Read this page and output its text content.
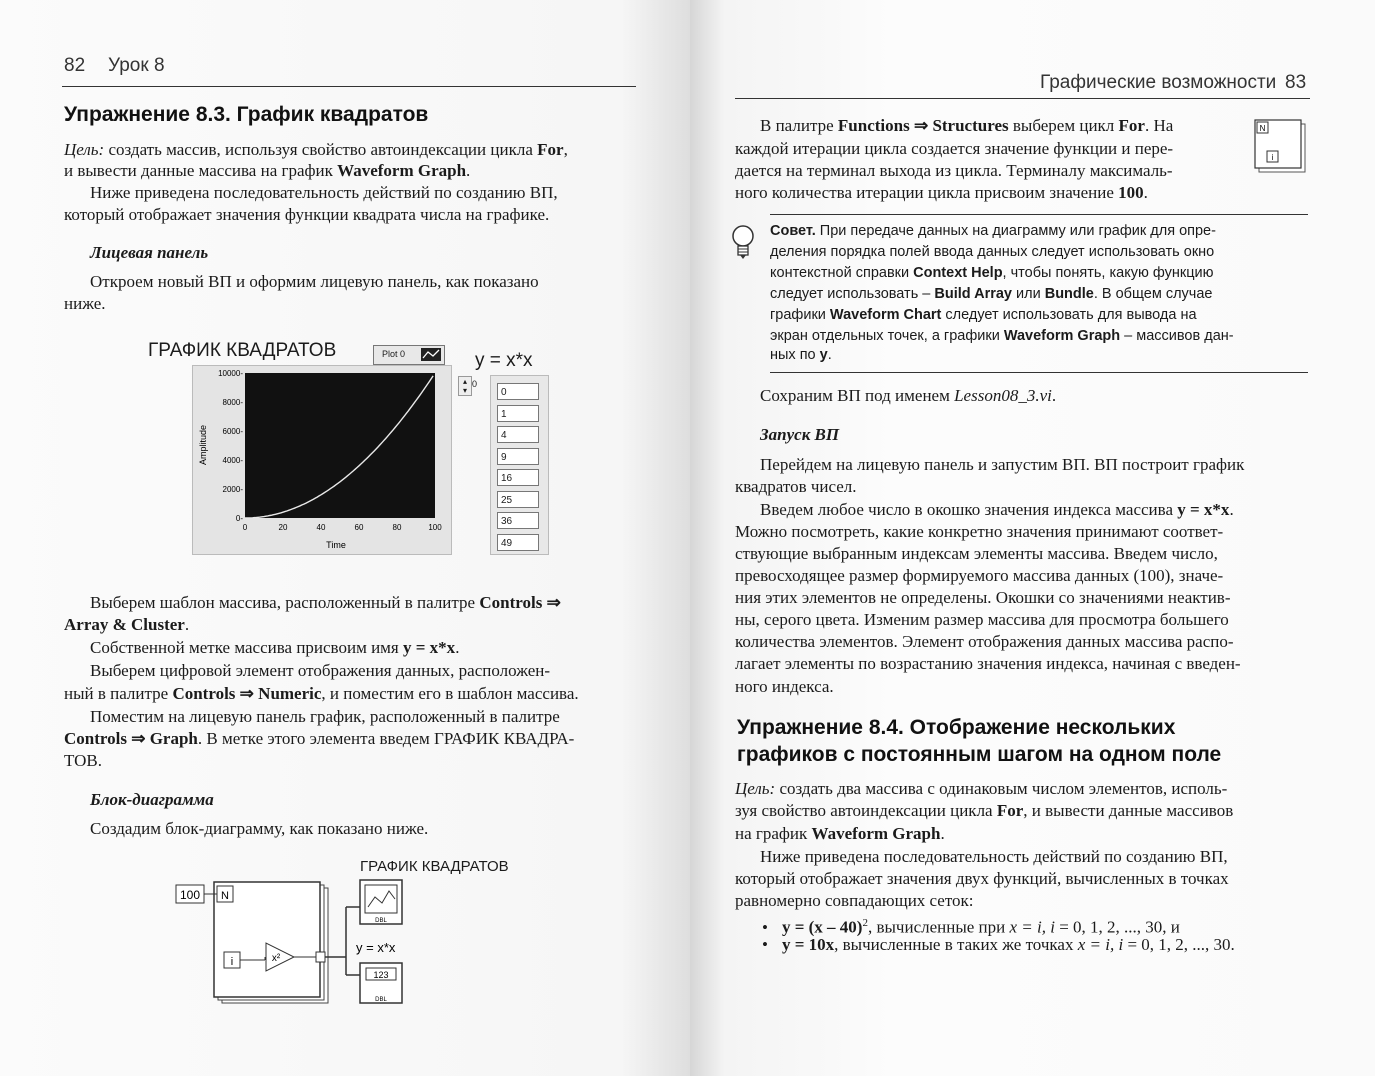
82 Урок 8
Упражнение 8.3. График квадратов
Цель: создать массив, используя свойство автоиндексации цикла For,
и вывести данные массива на график Waveform Graph.
Ниже приведена последовательность действий по созданию ВП,
который отображает значения функции квадрата числа на графике.
Лицевая панель
Откроем новый ВП и оформим лицевую панель, как показано
ниже.
ГРАФИК КВАДРАТОВ	Plot 0
10000-
8000-
6000-
4000-
2000-
0-
0	20	40	60	80	100
Amplitude
Time
y = x*x
▴
▾
0
0
1
4
9
16
25
36
49
Выберем шаблон массива, расположенный в палитре Controls ⇒
Array & Cluster.
Собственной метке массива присвоим имя y = x*x.
Выберем цифровой элемент отображения данных, расположен-
ный в палитре Controls ⇒ Numeric, и поместим его в шаблон массива.
Поместим на лицевую панель график, расположенный в палитре
Controls ⇒ Graph. В метке этого элемента введем ГРАФИК КВАДРА-
ТОВ.
Блок-диаграмма
Создадим блок-диаграмму, как показано ниже.
ГРАФИК КВАДРАТОВ
100 N
i	x²
DBL
y = x*x
123
DBL
Графические возможности 83
В палитре Functions ⇒ Structures выберем цикл For. На
каждой итерации цикла создается значение функции и пере-
дается на терминал выхода из цикла. Терминалу максималь-
ного количества итерации цикла присвоим значение 100.
N
i
Совет. При передаче данных на диаграмму или график для опре-
деления порядка полей ввода данных следует использовать окно
контекстной справки Context Help, чтобы понять, какую функцию
следует использовать – Build Array или Bundle. В общем случае
графики Waveform Chart следует использовать для вывода на
экран отдельных точек, а графики Waveform Graph – массивов дан-
ных по y.
Сохраним ВП под именем Lesson08_3.vi.
Запуск ВП
Перейдем на лицевую панель и запустим ВП. ВП построит график
квадратов чисел.
Введем любое число в окошко значения индекса массива y = x*x.
Можно посмотреть, какие конкретно значения принимают соответ-
ствующие выбранным индексам элементы массива. Введем число,
превосходящее размер формируемого массива данных (100), значе-
ния этих элементов не определены. Окошки со значениями неактив-
ны, серого цвета. Изменим размер массива для просмотра большего
количества элементов. Элемент отображения данных массива распо-
лагает элементы по возрастанию значения индекса, начиная с введен-
ного индекса.
Упражнение 8.4. Отображение нескольких
графиков с постоянным шагом на одном поле
Цель: создать два массива с одинаковым числом элементов, исполь-
зуя свойство автоиндексации цикла For, и вывести данные массивов
на график Waveform Graph.
Ниже приведена последовательность действий по созданию ВП,
который отображает значения двух функций, вычисленных в точках
равномерно совпадающих сеток:
• y = (x – 40)$^2$, вычисленные при x = i, i = 0, 1, 2, ..., 30, и
• y = 10x, вычисленные в таких же точках x = i, i = 0, 1, 2, ..., 30.
